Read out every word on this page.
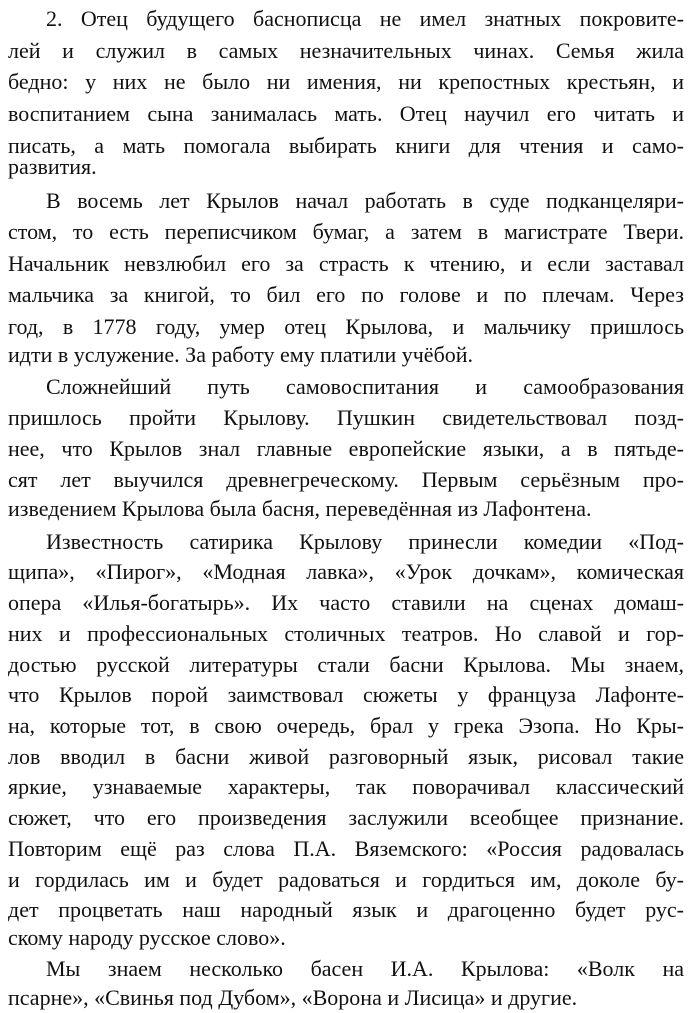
2. Отец будущего баснописца не имел знатных покровите-
лей и служил в самых незначительных чинах. Семья жила
бедно: у них не было ни имения, ни крепостных крестьян, и
воспитанием сына занималась мать. Отец научил его читать и
писать, а мать помогала выбирать книги для чтения и само-
развития.
В восемь лет Крылов начал работать в суде подканцеляри-
стом, то есть переписчиком бумаг, а затем в магистрате Твери.
Начальник невзлюбил его за страсть к чтению, и если заставал
мальчика за книгой, то бил его по голове и по плечам. Через
год, в 1778 году, умер отец Крылова, и мальчику пришлось
идти в услужение. За работу ему платили учёбой.
Сложнейший путь самовоспитания и самообразования
пришлось пройти Крылову. Пушкин свидетельствовал позд-
нее, что Крылов знал главные европейские языки, а в пятьде-
сят лет выучился древнегреческому. Первым серьёзным про-
изведением Крылова была басня, переведённая из Лафонтена.
Известность сатирика Крылову принесли комедии «Под-
щипа», «Пирог», «Модная лавка», «Урок дочкам», комическая
опера «Илья-богатырь». Их часто ставили на сценах домаш-
них и профессиональных столичных театров. Но славой и гор-
достью русской литературы стали басни Крылова. Мы знаем,
что Крылов порой заимствовал сюжеты у француза Лафонте-
на, которые тот, в свою очередь, брал у грека Эзопа. Но Кры-
лов вводил в басни живой разговорный язык, рисовал такие
яркие, узнаваемые характеры, так поворачивал классический
сюжет, что его произведения заслужили всеобщее признание.
Повторим ещё раз слова П.А. Вяземского: «Россия радовалась
и гордилась им и будет радоваться и гордиться им, доколе бу-
дет процветать наш народный язык и драгоценно будет рус-
скому народу русское слово».
Мы знаем несколько басен И.А. Крылова: «Волк на
псарне», «Свинья под Дубом», «Ворона и Лисица» и другие.
